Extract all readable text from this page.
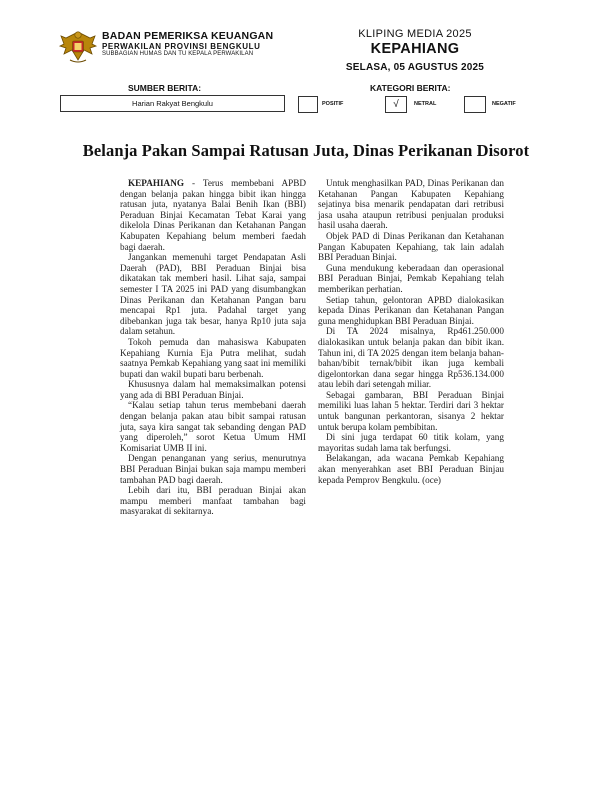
BADAN PEMERIKSA KEUANGAN
PERWAKILAN PROVINSI BENGKULU
SUBBAGIAN HUMAS DAN TU KEPALA PERWAKILAN
KLIPING MEDIA 2025
KEPAHIANG
SELASA, 05 AGUSTUS 2025
SUMBER BERITA:	KATEGORI BERITA:
Harian Rakyat Bengkulu	POSITIF	√	NETRAL	NEGATIF
Belanja Pakan Sampai Ratusan Juta, Dinas Perikanan Disorot

KEPAHIANG - Terus membebani APBD dengan belanja pakan hingga bibit ikan hingga ratusan juta, nyatanya Balai Benih Ikan (BBI) Peraduan Binjai Kecamatan Tebat Karai yang dikelola Dinas Perikanan dan Ketahanan Pangan Kabupaten Kepahiang belum memberi faedah bagi daerah.

Jangankan memenuhi target Pendapatan Asli Daerah (PAD), BBI Peraduan Binjai bisa dikatakan tak memberi hasil. Lihat saja, sampai semester I TA 2025 ini PAD yang disumbangkan Dinas Perikanan dan Ketahanan Pangan baru mencapai Rp1 juta. Padahal target yang dibebankan juga tak besar, hanya Rp10 juta saja dalam setahun.

Tokoh pemuda dan mahasiswa Kabupaten Kepahiang Kurnia Eja Putra melihat, sudah saatnya Pemkab Kepahiang yang saat ini memiliki bupati dan wakil bupati baru berbenah.

Khususnya dalam hal memaksimalkan potensi yang ada di BBI Peraduan Binjai.

“Kalau setiap tahun terus membebani daerah dengan belanja pakan atau bibit sampai ratusan juta, saya kira sangat tak sebanding dengan PAD yang diperoleh,” sorot Ketua Umum HMI Komisariat UMB II ini.

Dengan penanganan yang serius, menurutnya BBI Peraduan Binjai bukan saja mampu memberi tambahan PAD bagi daerah.

Lebih dari itu, BBI peraduan Binjai akan mampu memberi manfaat tambahan bagi masyarakat di sekitarnya.

Untuk menghasilkan PAD, Dinas Perikanan dan Ketahanan Pangan Kabupaten Kepahiang sejatinya bisa menarik pendapatan dari retribusi jasa usaha ataupun retribusi penjualan produksi hasil usaha daerah.

Objek PAD di Dinas Perikanan dan Ketahanan Pangan Kabupaten Kepahiang, tak lain adalah BBI Peraduan Binjai.

Guna mendukung keberadaan dan operasional BBI Peraduan Binjai, Pemkab Kepahiang telah memberikan perhatian.

Setiap tahun, gelontoran APBD dialokasikan kepada Dinas Perikanan dan Ketahanan Pangan guna menghidupkan BBI Peraduan Binjai.

Di TA 2024 misalnya, Rp461.250.000 dialokasikan untuk belanja pakan dan bibit ikan. Tahun ini, di TA 2025 dengan item belanja bahan-bahan/bibit ternak/bibit ikan juga kembali digelontorkan dana segar hingga Rp536.134.000 atau lebih dari setengah miliar.

Sebagai gambaran, BBI Peraduan Binjai memiliki luas lahan 5 hektar. Terdiri dari 3 hektar untuk bangunan perkantoran, sisanya 2 hektar untuk berupa kolam pembibitan.

Di sini juga terdapat 60 titik kolam, yang mayoritas sudah lama tak berfungsi.

Belakangan, ada wacana Pemkab Kepahiang akan menyerahkan aset BBI Peraduan Binjau kepada Pemprov Bengkulu. (oce)
